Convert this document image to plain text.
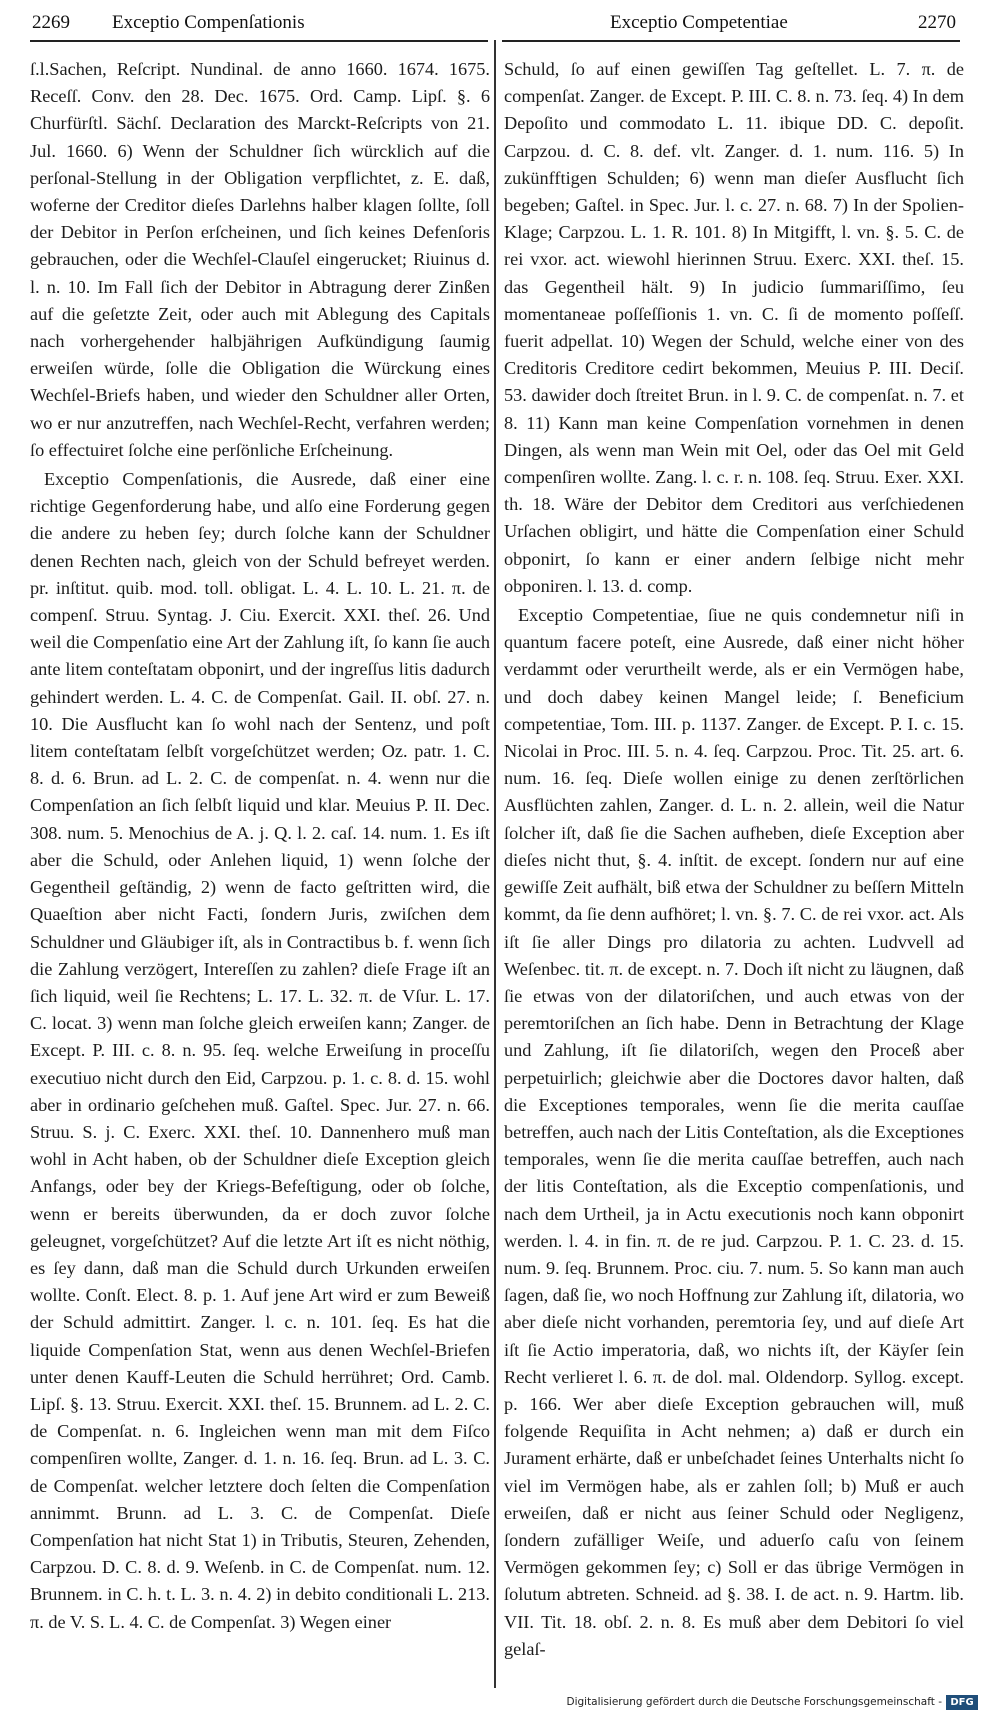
2269 Exceptio Compenſationis	Exceptio Competentiae	2270

ſ.l.Sachen, Reſcript. Nundinal. de anno 1660. 1674. 1675. Receſſ. Conv. den 28. Dec. 1675. Ord. Camp. Lipſ. §. 6 Churfürſtl. Sächſ. Declaration des Marckt-Reſcripts von 21. Jul. 1660. 6) Wenn der Schuldner ſich würcklich auf die perſonal-Stellung in der Obligation verpflichtet, z. E. daß, woferne der Creditor dieſes Darlehns halber klagen ſollte, ſoll der Debitor in Perſon erſcheinen, und ſich keines Defenſoris gebrauchen, oder die Wechſel-Clauſel eingerucket; Riuinus d. l. n. 10. Im Fall ſich der Debitor in Abtragung derer Zinßen auf die geſetzte Zeit, oder auch mit Ablegung des Capitals nach vorhergehender halbjährigen Aufkündigung ſaumig erweiſen würde, ſolle die Obligation die Würckung eines Wechſel-Briefs haben, und wieder den Schuldner aller Orten, wo er nur anzutreffen, nach Wechſel-Recht, verfahren werden; ſo effectuiret ſolche eine perſönliche Erſcheinung.

Exceptio Compenſationis, die Ausrede, daß einer eine richtige Gegenforderung habe, und alſo eine Forderung gegen die andere zu heben ſey; durch ſolche kann der Schuldner denen Rechten nach, gleich von der Schuld befreyet werden. pr. inſtitut. quib. mod. toll. obligat. L. 4. L. 10. L. 21. π. de compenſ. Struu. Syntag. J. Ciu. Exercit. XXI. theſ. 26. Und weil die Compenſatio eine Art der Zahlung iſt, ſo kann ſie auch ante litem conteſtatam obponirt, und der ingreſſus litis dadurch gehindert werden. L. 4. C. de Compenſat. Gail. II. obſ. 27. n. 10. Die Ausflucht kan ſo wohl nach der Sentenz, und poſt litem conteſtatam ſelbſt vorgeſchützet werden; Oz. patr. 1. C. 8. d. 6. Brun. ad L. 2. C. de compenſat. n. 4. wenn nur die Compenſation an ſich ſelbſt liquid und klar. Meuius P. II. Dec. 308. num. 5. Menochius de A. j. Q. l. 2. caſ. 14. num. 1. Es iſt aber die Schuld, oder Anlehen liquid, 1) wenn ſolche der Gegentheil geſtändig, 2) wenn de facto geſtritten wird, die Quaeſtion aber nicht Facti, ſondern Juris, zwiſchen dem Schuldner und Gläubiger iſt, als in Contractibus b. f. wenn ſich die Zahlung verzögert, Intereſſen zu zahlen? dieſe Frage iſt an ſich liquid, weil ſie Rechtens; L. 17. L. 32. π. de Vſur. L. 17. C. locat. 3) wenn man ſolche gleich erweiſen kann; Zanger. de Except. P. III. c. 8. n. 95. ſeq. welche Erweiſung in proceſſu executiuo nicht durch den Eid, Carpzou. p. 1. c. 8. d. 15. wohl aber in ordinario geſchehen muß. Gaſtel. Spec. Jur. 27. n. 66. Struu. S. j. C. Exerc. XXI. theſ. 10. Dannenhero muß man wohl in Acht haben, ob der Schuldner dieſe Exception gleich Anfangs, oder bey der Kriegs-Befeſtigung, oder ob ſolche, wenn er bereits überwunden, da er doch zuvor ſolche geleugnet, vorgeſchützet? Auf die letzte Art iſt es nicht nöthig, es ſey dann, daß man die Schuld durch Urkunden erweiſen wollte. Conſt. Elect. 8. p. 1. Auf jene Art wird er zum Beweiß der Schuld admittirt. Zanger. l. c. n. 101. ſeq. Es hat die liquide Compenſation Stat, wenn aus denen Wechſel-Briefen unter denen Kauff-Leuten die Schuld herrühret; Ord. Camb. Lipſ. §. 13. Struu. Exercit. XXI. theſ. 15. Brunnem. ad L. 2. C. de Compenſat. n. 6. Ingleichen wenn man mit dem Fiſco compenſiren wollte, Zanger. d. 1. n. 16. ſeq. Brun. ad L. 3. C. de Compenſat. welcher letztere doch ſelten die Compenſation annimmt. Brunn. ad L. 3. C. de Compenſat. Dieſe Compenſation hat nicht Stat 1) in Tributis, Steuren, Zehenden, Carpzou. D. C. 8. d. 9. Weſenb. in C. de Compenſat. num. 12. Brunnem. in C. h. t. L. 3. n. 4. 2) in debito conditionali L. 213. π. de V. S. L. 4. C. de Compenſat. 3) Wegen einer

Schuld, ſo auf einen gewiſſen Tag geſtellet. L. 7. π. de compenſat. Zanger. de Except. P. III. C. 8. n. 73. ſeq. 4) In dem Depoſito und commodato L. 11. ibique DD. C. depoſit. Carpzou. d. C. 8. def. vlt. Zanger. d. 1. num. 116. 5) In zukünfftigen Schulden; 6) wenn man dieſer Ausflucht ſich begeben; Gaſtel. in Spec. Jur. l. c. 27. n. 68. 7) In der Spolien-Klage; Carpzou. L. 1. R. 101. 8) In Mitgifft, l. vn. §. 5. C. de rei vxor. act. wiewohl hierinnen Struu. Exerc. XXI. theſ. 15. das Gegentheil hält. 9) In judicio ſummariſſimo, ſeu momentaneae poſſeſſionis 1. vn. C. ſi de momento poſſeſſ. fuerit adpellat. 10) Wegen der Schuld, welche einer von des Creditoris Creditore cedirt bekommen, Meuius P. III. Deciſ. 53. dawider doch ſtreitet Brun. in l. 9. C. de compenſat. n. 7. et 8. 11) Kann man keine Compenſation vornehmen in denen Dingen, als wenn man Wein mit Oel, oder das Oel mit Geld compenſiren wollte. Zang. l. c. r. n. 108. ſeq. Struu. Exer. XXI. th. 18. Wäre der Debitor dem Creditori aus verſchiedenen Urſachen obligirt, und hätte die Compenſation einer Schuld obponirt, ſo kann er einer andern ſelbige nicht mehr obponiren. l. 13. d. comp.

Exceptio Competentiae, ſiue ne quis condemnetur niſi in quantum facere poteſt, eine Ausrede, daß einer nicht höher verdammt oder verurtheilt werde, als er ein Vermögen habe, und doch dabey keinen Mangel leide; ſ. Beneficium competentiae, Tom. III. p. 1137. Zanger. de Except. P. I. c. 15. Nicolai in Proc. III. 5. n. 4. ſeq. Carpzou. Proc. Tit. 25. art. 6. num. 16. ſeq. Dieſe wollen einige zu denen zerſtörlichen Ausflüchten zahlen, Zanger. d. L. n. 2. allein, weil die Natur ſolcher iſt, daß ſie die Sachen aufheben, dieſe Exception aber dieſes nicht thut, §. 4. inſtit. de except. ſondern nur auf eine gewiſſe Zeit aufhält, biß etwa der Schuldner zu beſſern Mitteln kommt, da ſie denn aufhöret; l. vn. §. 7. C. de rei vxor. act. Als iſt ſie aller Dings pro dilatoria zu achten. Ludvvell ad Weſenbec. tit. π. de except. n. 7. Doch iſt nicht zu läugnen, daß ſie etwas von der dilatoriſchen, und auch etwas von der peremtoriſchen an ſich habe. Denn in Betrachtung der Klage und Zahlung, iſt ſie dilatoriſch, wegen den Proceß aber perpetuirlich; gleichwie aber die Doctores davor halten, daß die Exceptiones temporales, wenn ſie die merita cauſſae betreffen, auch nach der Litis Conteſtation, als die Exceptiones temporales, wenn ſie die merita cauſſae betreffen, auch nach der litis Conteſtation, als die Exceptio compenſationis, und nach dem Urtheil, ja in Actu executionis noch kann obponirt werden. l. 4. in fin. π. de re jud. Carpzou. P. 1. C. 23. d. 15. num. 9. ſeq. Brunnem. Proc. ciu. 7. num. 5. So kann man auch ſagen, daß ſie, wo noch Hoffnung zur Zahlung iſt, dilatoria, wo aber dieſe nicht vorhanden, peremtoria ſey, und auf dieſe Art iſt ſie Actio imperatoria, daß, wo nichts iſt, der Käyſer ſein Recht verlieret l. 6. π. de dol. mal. Oldendorp. Syllog. except. p. 166. Wer aber dieſe Exception gebrauchen will, muß folgende Requiſita in Acht nehmen; a) daß er durch ein Jurament erhärte, daß er unbeſchadet ſeines Unterhalts nicht ſo viel im Vermögen habe, als er zahlen ſoll; b) Muß er auch erweiſen, daß er nicht aus ſeiner Schuld oder Negligenz, ſondern zufälliger Weiſe, und aduerſo caſu von ſeinem Vermögen gekommen ſey; c) Soll er das übrige Vermögen in ſolutum abtreten. Schneid. ad §. 38. I. de act. n. 9. Hartm. lib. VII. Tit. 18. obſ. 2. n. 8. Es muß aber dem Debitori ſo viel gelaſ-

Digitalisierung gefördert durch die Deutsche Forschungsgemeinschaft - DFG
